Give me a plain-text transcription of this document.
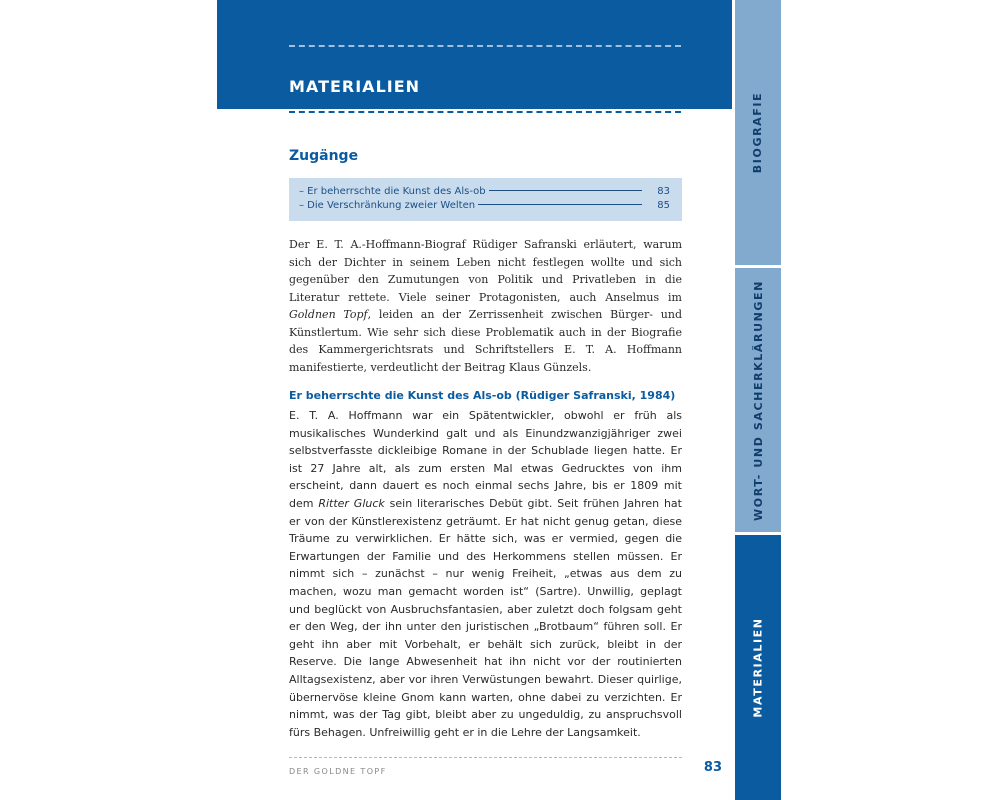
MATERIALIEN
BIOGRAFIE
WORT- UND SACHERKLÄRUNGEN
MATERIALIEN
Zugänge
– Er beherrschte die Kunst des Als-ob	83
– Die Verschränkung zweier Welten	85

Der E. T. A.-Hoffmann-Biograf Rüdiger Safranski erläutert, warum sich der Dichter in seinem Leben nicht festlegen wollte und sich gegenüber den Zumutungen von Politik und Privatleben in die Literatur rettete. Viele seiner Protagonisten, auch Anselmus im Goldnen Topf, leiden an der Zerrissenheit zwischen Bürger- und Künstlertum. Wie sehr sich diese Problematik auch in der Biografie des Kammergerichtsrats und Schriftstellers E. T. A. Hoffmann manifestierte, verdeutlicht der Beitrag Klaus Günzels.

Er beherrschte die Kunst des Als-ob (Rüdiger Safranski, 1984)

E. T. A. Hoffmann war ein Spätentwickler, obwohl er früh als musikalisches Wunderkind galt und als Einundzwanzigjähriger zwei selbstverfasste dickleibige Romane in der Schublade liegen hatte. Er ist 27 Jahre alt, als zum ersten Mal etwas Gedrucktes von ihm erscheint, dann dauert es noch einmal sechs Jahre, bis er 1809 mit dem Ritter Gluck sein literarisches Debüt gibt. Seit frühen Jahren hat er von der Künstlerexistenz geträumt. Er hat nicht genug getan, diese Träume zu verwirklichen. Er hätte sich, was er vermied, gegen die Erwartungen der Familie und des Herkommens stellen müssen. Er nimmt sich – zunächst – nur wenig Freiheit, „etwas aus dem zu machen, wozu man gemacht worden ist“ (Sartre). Unwillig, geplagt und beglückt von Ausbruchsfantasien, aber zuletzt doch folgsam geht er den Weg, der ihn unter den juristischen „Brotbaum“ führen soll. Er geht ihn aber mit Vorbehalt, er behält sich zurück, bleibt in der Reserve. Die lange Abwesenheit hat ihn nicht vor der routinierten Alltagsexistenz, aber vor ihren Verwüstungen bewahrt. Dieser quirlige, übernervöse kleine Gnom kann warten, ohne dabei zu verzichten. Er nimmt, was der Tag gibt, bleibt aber zu ungeduldig, zu anspruchsvoll fürs Behagen. Unfreiwillig geht er in die Lehre der Langsamkeit.

DER GOLDNE TOPF	83
